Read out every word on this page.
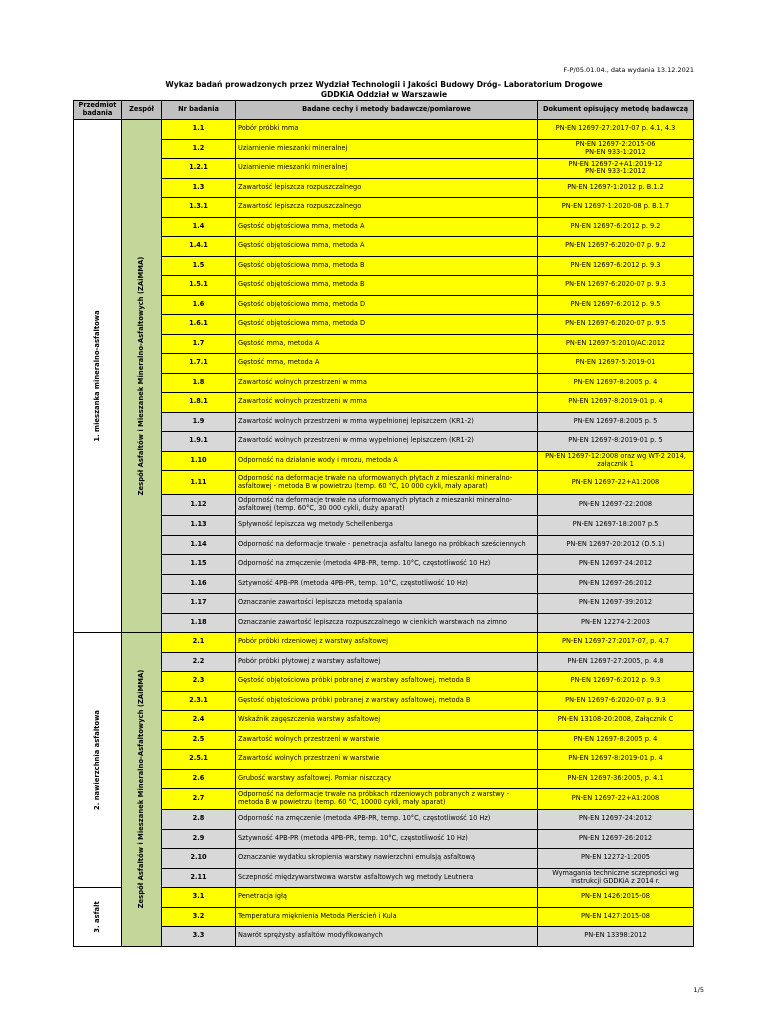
F-P/05.01.04., data wydania 13.12.2021
Wykaz badań prowadzonych przez Wydział Technologii i Jakości Budowy Dróg– Laboratorium Drogowe
GDDKiA Oddział w Warszawie
Przedmiot badania	Zespół	Nr badania	Badane cechy i metody badawcze/pomiarowe	Dokument opisujący metodę badawczą

1. mieszanka mineralno-asfaltowa	Zespół Asfaltów i Mieszanek Mineralno-Asfaltowych (ZAiMMA)	1.1	Pobór próbki mma	PN-EN 12697-27:2017-07 p. 4.1, 4.3
		1.2	Uziarnienie mieszanki mineralnej	PN-EN 12697-2:2015-06
PN-EN 933-1:2012
		1.2.1	Uziarnienie mieszanki mineralnej	PN-EN 12697-2+A1:2019-12
PN-EN 933-1:2012
		1.3	Zawartość lepiszcza rozpuszczalnego	PN-EN 12697-1:2012 p. B.1.2
		1.3.1	Zawartość lepiszcza rozpuszczalnego	PN-EN 12697-1:2020-08 p. B.1.7
		1.4	Gęstość objętościowa mma, metoda A	PN-EN 12697-6:2012 p. 9.2
		1.4.1	Gęstość objętościowa mma, metoda A	PN-EN 12697-6:2020-07 p. 9.2
		1.5	Gęstość objętościowa mma, metoda B	PN-EN 12697-6:2012 p. 9.3
		1.5.1	Gęstość objętościowa mma, metoda B	PN-EN 12697-6:2020-07 p. 9.3
		1.6	Gęstość objętościowa mma, metoda D	PN-EN 12697-6:2012 p. 9.5
		1.6.1	Gęstość objętościowa mma, metoda D	PN-EN 12697-6:2020-07 p. 9.5
		1.7	Gęstość mma, metoda A	PN-EN 12697-5:2010/AC:2012
		1.7.1	Gęstość mma, metoda A	PN-EN 12697-5:2019-01
		1.8	Zawartość wolnych przestrzeni w mma	PN-EN 12697-8:2005 p. 4
		1.8.1	Zawartość wolnych przestrzeni w mma	PN-EN 12697-8:2019-01 p. 4
		1.9	Zawartość wolnych przestrzeni w mma wypełnionej lepiszczem (KR1-2)	PN-EN 12697-8:2005 p. 5
		1.9.1	Zawartość wolnych przestrzeni w mma wypełnionej lepiszczem (KR1-2)	PN-EN 12697-8:2019-01 p. 5
		1.10	Odporność na działanie wody i mrozu, metoda A	PN-EN 12697-12:2008 oraz wg WT-2 2014, załącznik 1
		1.11	Odporność na deformacje trwałe na uformowanych płytach z mieszanki mineralno-asfaltowej - metoda B w powietrzu (temp. 60 °C, 10 000 cykli, mały aparat)	PN-EN 12697-22+A1:2008
		1.12	Odporność na deformacje trwałe na uformowanych płytach z mieszanki mineralno-asfaltowej (temp. 60°C, 30 000 cykli, duży aparat)	PN-EN 12697-22:2008
		1.13	Spływność lepiszcza wg metody Schellenberga	PN-EN 12697-18:2007 p.5
		1.14	Odporność na deformacje trwałe - penetracja asfaltu lanego na próbkach sześciennych	PN-EN 12697-20:2012 (D.5.1)
		1.15	Odporność na zmęczenie (metoda 4PB-PR, temp. 10°C, częstotliwość 10 Hz)	PN-EN 12697-24:2012
		1.16	Sztywność 4PB-PR (metoda 4PB-PR, temp. 10°C, częstotliwość 10 Hz)	PN-EN 12697-26:2012
		1.17	Oznaczanie zawartości lepiszcza metodą spalania	PN-EN 12697-39:2012
		1.18	Oznaczanie zawartość lepiszcza rozpuszczalnego w cienkich warstwach na zimno	PN-EN 12274-2:2003

2. nawierzchnia asfaltowa	Zespół Asfaltów i Mieszanek Mineralno-Asfaltowych (ZAiMMA)	2.1	Pobór próbki rdzeniowej z warstwy asfaltowej	PN-EN 12697-27:2017-07, p. 4.7
		2.2	Pobór próbki płytowej z warstwy asfaltowej	PN-EN 12697-27:2005, p. 4.8
		2.3	Gęstość objętościowa próbki pobranej z warstwy asfaltowej, metoda B	PN-EN 12697-6:2012 p. 9.3
		2.3.1	Gęstość objętościowa próbki pobranej z warstwy asfaltowej, metoda B	PN-EN 12697-6:2020-07 p. 9.3
		2.4	Wskaźnik zagęszczenia warstwy asfaltowej	PN-EN 13108-20:2008, Załącznik C
		2.5	Zawartość wolnych przestrzeni w warstwie	PN-EN 12697-8:2005 p. 4
		2.5.1	Zawartość wolnych przestrzeni w warstwie	PN-EN 12697-8:2019-01 p. 4
		2.6	Grubość warstwy asfaltowej. Pomiar niszczący	PN-EN 12697-36:2005, p. 4.1
		2.7	Odporność na deformacje trwałe na próbkach rdzeniowych pobranych z warstwy - metoda B w powietrzu (temp. 60 °C, 10000 cykli, mały aparat)	PN-EN 12697-22+A1:2008
		2.8	Odporność na zmęczenie (metoda 4PB-PR, temp. 10°C, częstotliwość 10 Hz)	PN-EN 12697-24:2012
		2.9	Sztywność 4PB-PR (metoda 4PB-PR, temp. 10°C, częstotliwość 10 Hz)	PN-EN 12697-26:2012
		2.10	Oznaczanie wydatku skropienia warstwy nawierzchni emulsją asfaltową	PN-EN 12272-1:2005
		2.11	Sczepność międzywarstwowa warstw asfaltowych wg metody Leutnera	Wymagania techniczne sczepności wg instrukcji GDDKiA z 2014 r.

3. asfalt		3.1	Penetracja igłą	PN-EN 1426:2015-08
		3.2	Temperatura mięknienia Metoda Pierścień i Kula	PN-EN 1427:2015-08
		3.3	Nawrót sprężysty asfaltów modyfikowanych	PN-EN 13398:2012
1/5
